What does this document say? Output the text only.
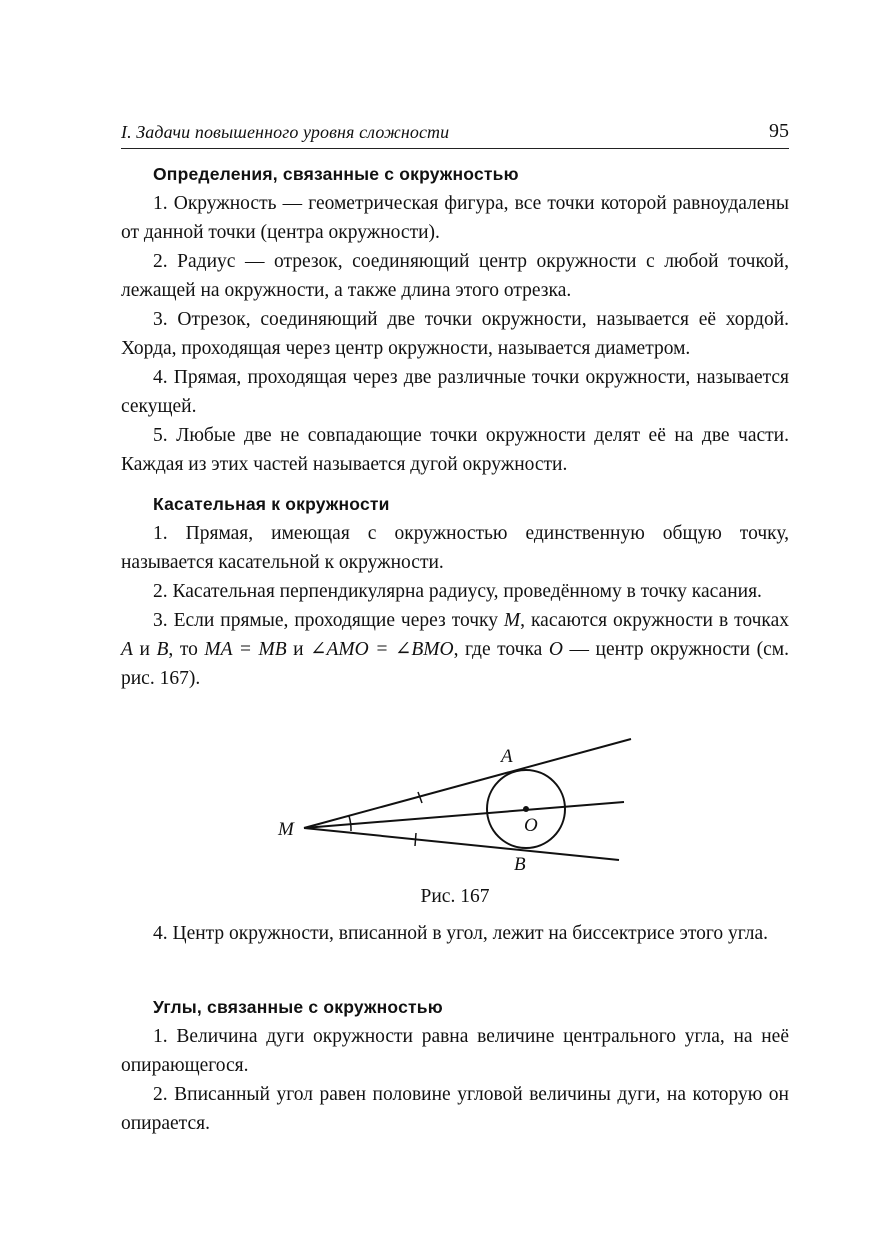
I. Задачи повышенного уровня сложности	95

Определения, связанные с окружностью

1. Окружность — геометрическая фигура, все точки которой равноудалены от данной точки (центра окружности).

2. Радиус — отрезок, соединяющий центр окружности с любой точкой, лежащей на окружности, а также длина этого отрезка.

3. Отрезок, соединяющий две точки окружности, называется её хордой. Хорда, проходящая через центр окружности, называется диаметром.

4. Прямая, проходящая через две различные точки окружности, называется секущей.

5. Любые две не совпадающие точки окружности делят её на две части. Каждая из этих частей называется дугой окружности.

Касательная к окружности

1. Прямая, имеющая с окружностью единственную общую точку, называется касательной к окружности.

2. Касательная перпендикулярна радиусу, проведённому в точку касания.

3. Если прямые, проходящие через точку M, касаются окружности в точках A и B, то MA = MB и ∠AMO = ∠BMO, где точка O — центр окружности (см. рис. 167).

A
B
O
M
Рис. 167

4. Центр окружности, вписанной в угол, лежит на биссектрисе этого угла.

Углы, связанные с окружностью

1. Величина дуги окружности равна величине центрального угла, на неё опирающегося.

2. Вписанный угол равен половине угловой величины дуги, на которую он опирается.
